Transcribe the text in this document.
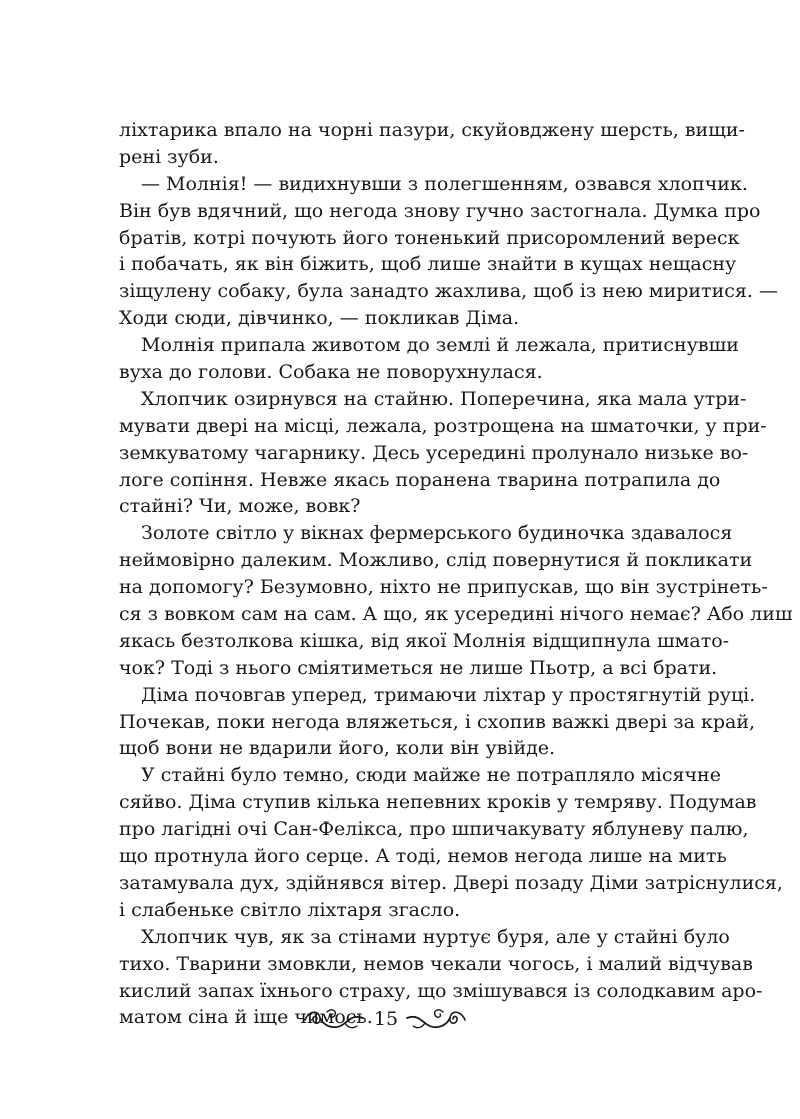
ліхтарика впало на чорні пазури, скуйовджену шерсть, вищи-
рені зуби.
— Молнія! — видихнувши з полегшенням, озвався хлопчик.
Він був вдячний, що негода знову гучно застогнала. Думка про
братів, котрі почують його тоненький присоромлений вереск
і побачать, як він біжить, щоб лише знайти в кущах нещасну
зіщулену собаку, була занадто жахлива, щоб із нею миритися. —
Ходи сюди, дівчинко, — покликав Діма.
Молнія припала животом до землі й лежала, притиснувши
вуха до голови. Собака не поворухнулася.
Хлопчик озирнувся на стайню. Поперечина, яка мала утри-
мувати двері на місці, лежала, розтрощена на шматочки, у при-
земкуватому чагарнику. Десь усередині пролунало низьке во-
логе сопіння. Невже якась поранена тварина потрапила до
стайні? Чи, може, вовк?
Золоте світло у вікнах фермерського будиночка здавалося
неймовірно далеким. Можливо, слід повернутися й покликати
на допомогу? Безумовно, ніхто не припускав, що він зустрінеть-
ся з вовком сам на сам. А що, як усередині нічого немає? Або лиш
якась безтолкова кішка, від якої Молнія відщипнула шмато-
чок? Тоді з нього сміятиметься не лише Пьотр, а всі брати.
Діма почовгав уперед, тримаючи ліхтар у простягнутій руці.
Почекав, поки негода вляжеться, і схопив важкі двері за край,
щоб вони не вдарили його, коли він увійде.
У стайні було темно, сюди майже не потрапляло місячне
сяйво. Діма ступив кілька непевних кроків у темряву. Подумав
про лагідні очі Сан-Фелікса, про шпичакувату яблуневу палю,
що протнула його серце. А тоді, немов негода лише на мить
затамувала дух, здійнявся вітер. Двері позаду Діми затріснулися,
і слабеньке світло ліхтаря згасло.
Хлопчик чув, як за стінами нуртує буря, але у стайні було
тихо. Тварини змовкли, немов чекали чогось, і малий відчував
кислий запах їхнього страху, що змішувався із солодкавим аро-
матом сіна й іще чимось. 15
